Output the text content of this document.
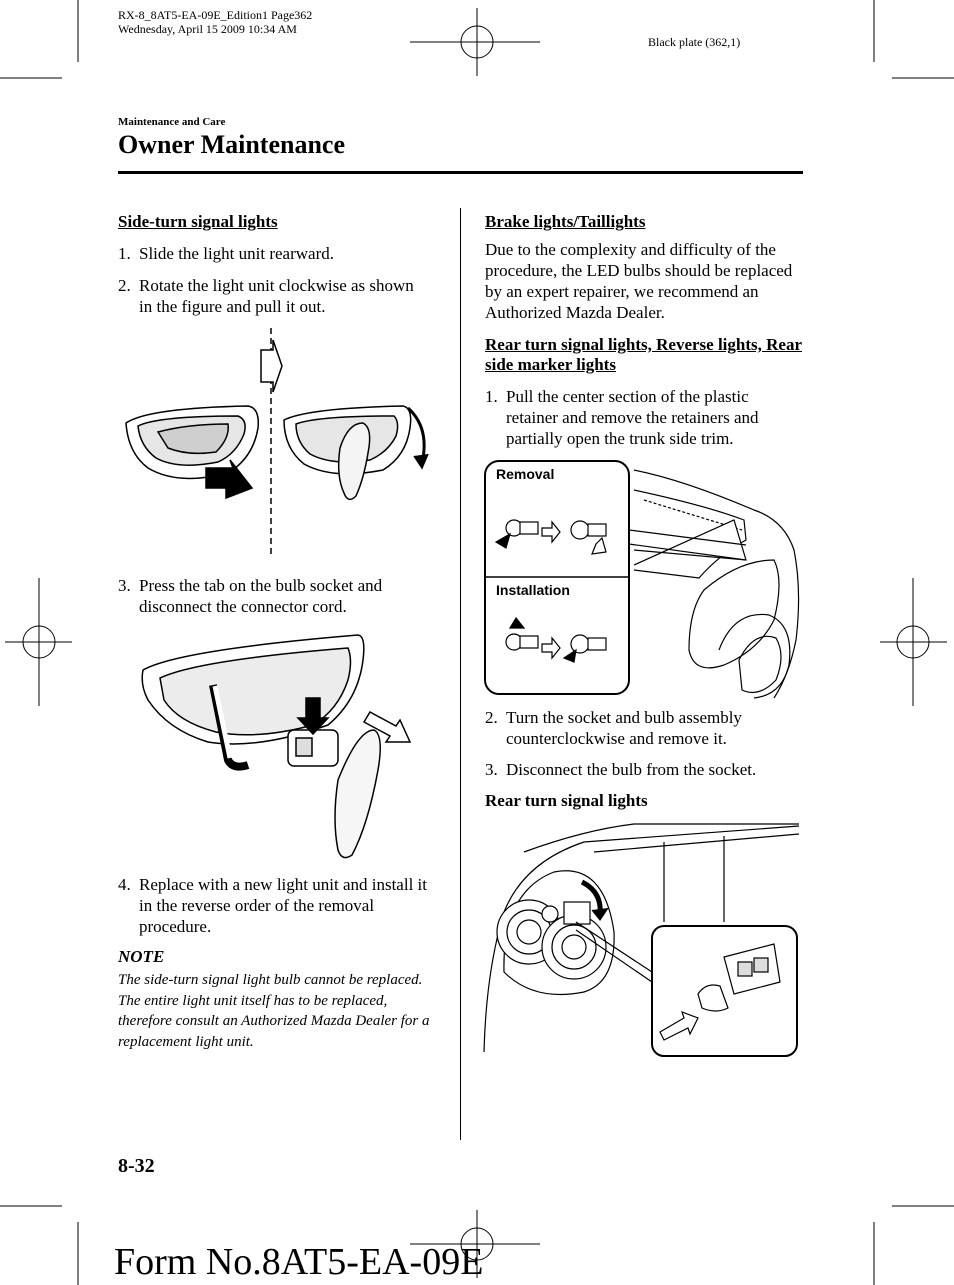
RX-8_8AT5-EA-09E_Edition1 Page362
Wednesday, April 15 2009 10:34 AM
Black plate (362,1)
Maintenance and Care
Owner Maintenance
Side-turn signal lights
1. Slide the light unit rearward.
2. Rotate the light unit clockwise as shown in the figure and pull it out.
3. Press the tab on the bulb socket and disconnect the connector cord.
4. Replace with a new light unit and install it in the reverse order of the removal procedure.
NOTE
The side-turn signal light bulb cannot be replaced. The entire light unit itself has to be replaced, therefore consult an Authorized Mazda Dealer for a replacement light unit.
Brake lights/Taillights
Due to the complexity and difficulty of the procedure, the LED bulbs should be replaced by an expert repairer, we recommend an Authorized Mazda Dealer.
Rear turn signal lights, Reverse lights, Rear side marker lights
1. Pull the center section of the plastic retainer and remove the retainers and partially open the trunk side trim.
Removal
Installation
2. Turn the socket and bulb assembly counterclockwise and remove it.
3. Disconnect the bulb from the socket.
Rear turn signal lights
8-32
Form No.8AT5-EA-09E
